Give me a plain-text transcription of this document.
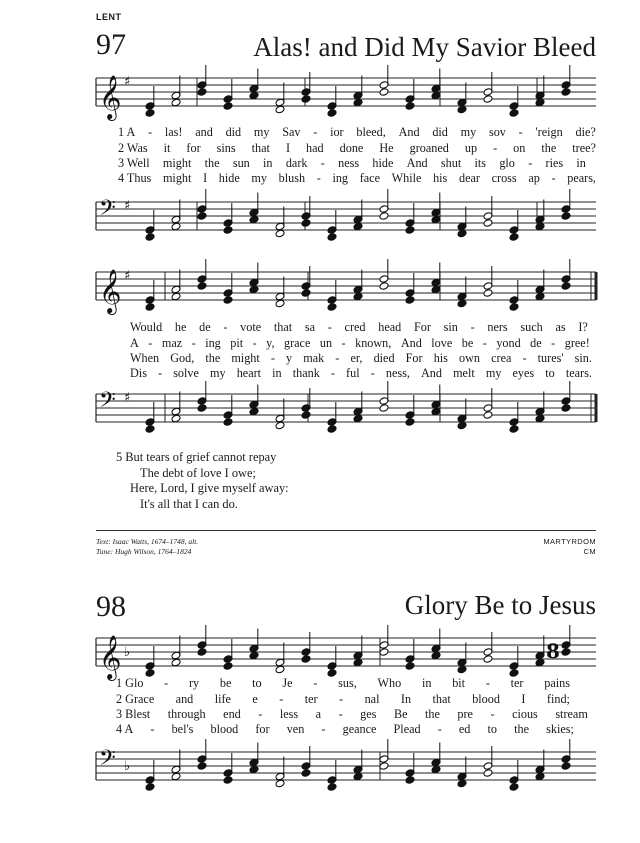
LENT
97	Alas! and Did My Savior Bleed
𝄞 ♯
1 A - las! and did my Sav - ior bleed, And did my sov - 'reign die?
2 Was it for sins that I had done He groaned up - on the tree?
3 Well might the sun in dark - ness hide And shut its glo - ries in
4 Thus might I hide my blush - ing face While his dear cross ap - pears,
𝄢 ♯
𝄞 ♯
Would he de - vote that sa - cred head For sin - ners such as I?
A - maz - ing pit - y, grace un - known, And love be - yond de - gree!
When God, the might - y mak - er, died For his own crea - tures' sin.
Dis - solve my heart in thank - ful - ness, And melt my eyes to tears.
𝄢 ♯
5 But tears of grief cannot repay
The debt of love I owe;
Here, Lord, I give myself away:
It's all that I can do.
Text: Isaac Watts, 1674–1748, alt.
Tune: Hugh Wilson, 1764–1824
MARTYRDOM
CM
98	Glory Be to Jesus
𝄞 ♭	8
1 Glo - ry be to Je - sus, Who in bit - ter pains
2 Grace and life e - ter - nal In that blood I find;
3 Blest through end - less a - ges Be the pre - cious stream
4 A - bel's blood for ven - geance Plead - ed to the skies;
𝄢 ♭
